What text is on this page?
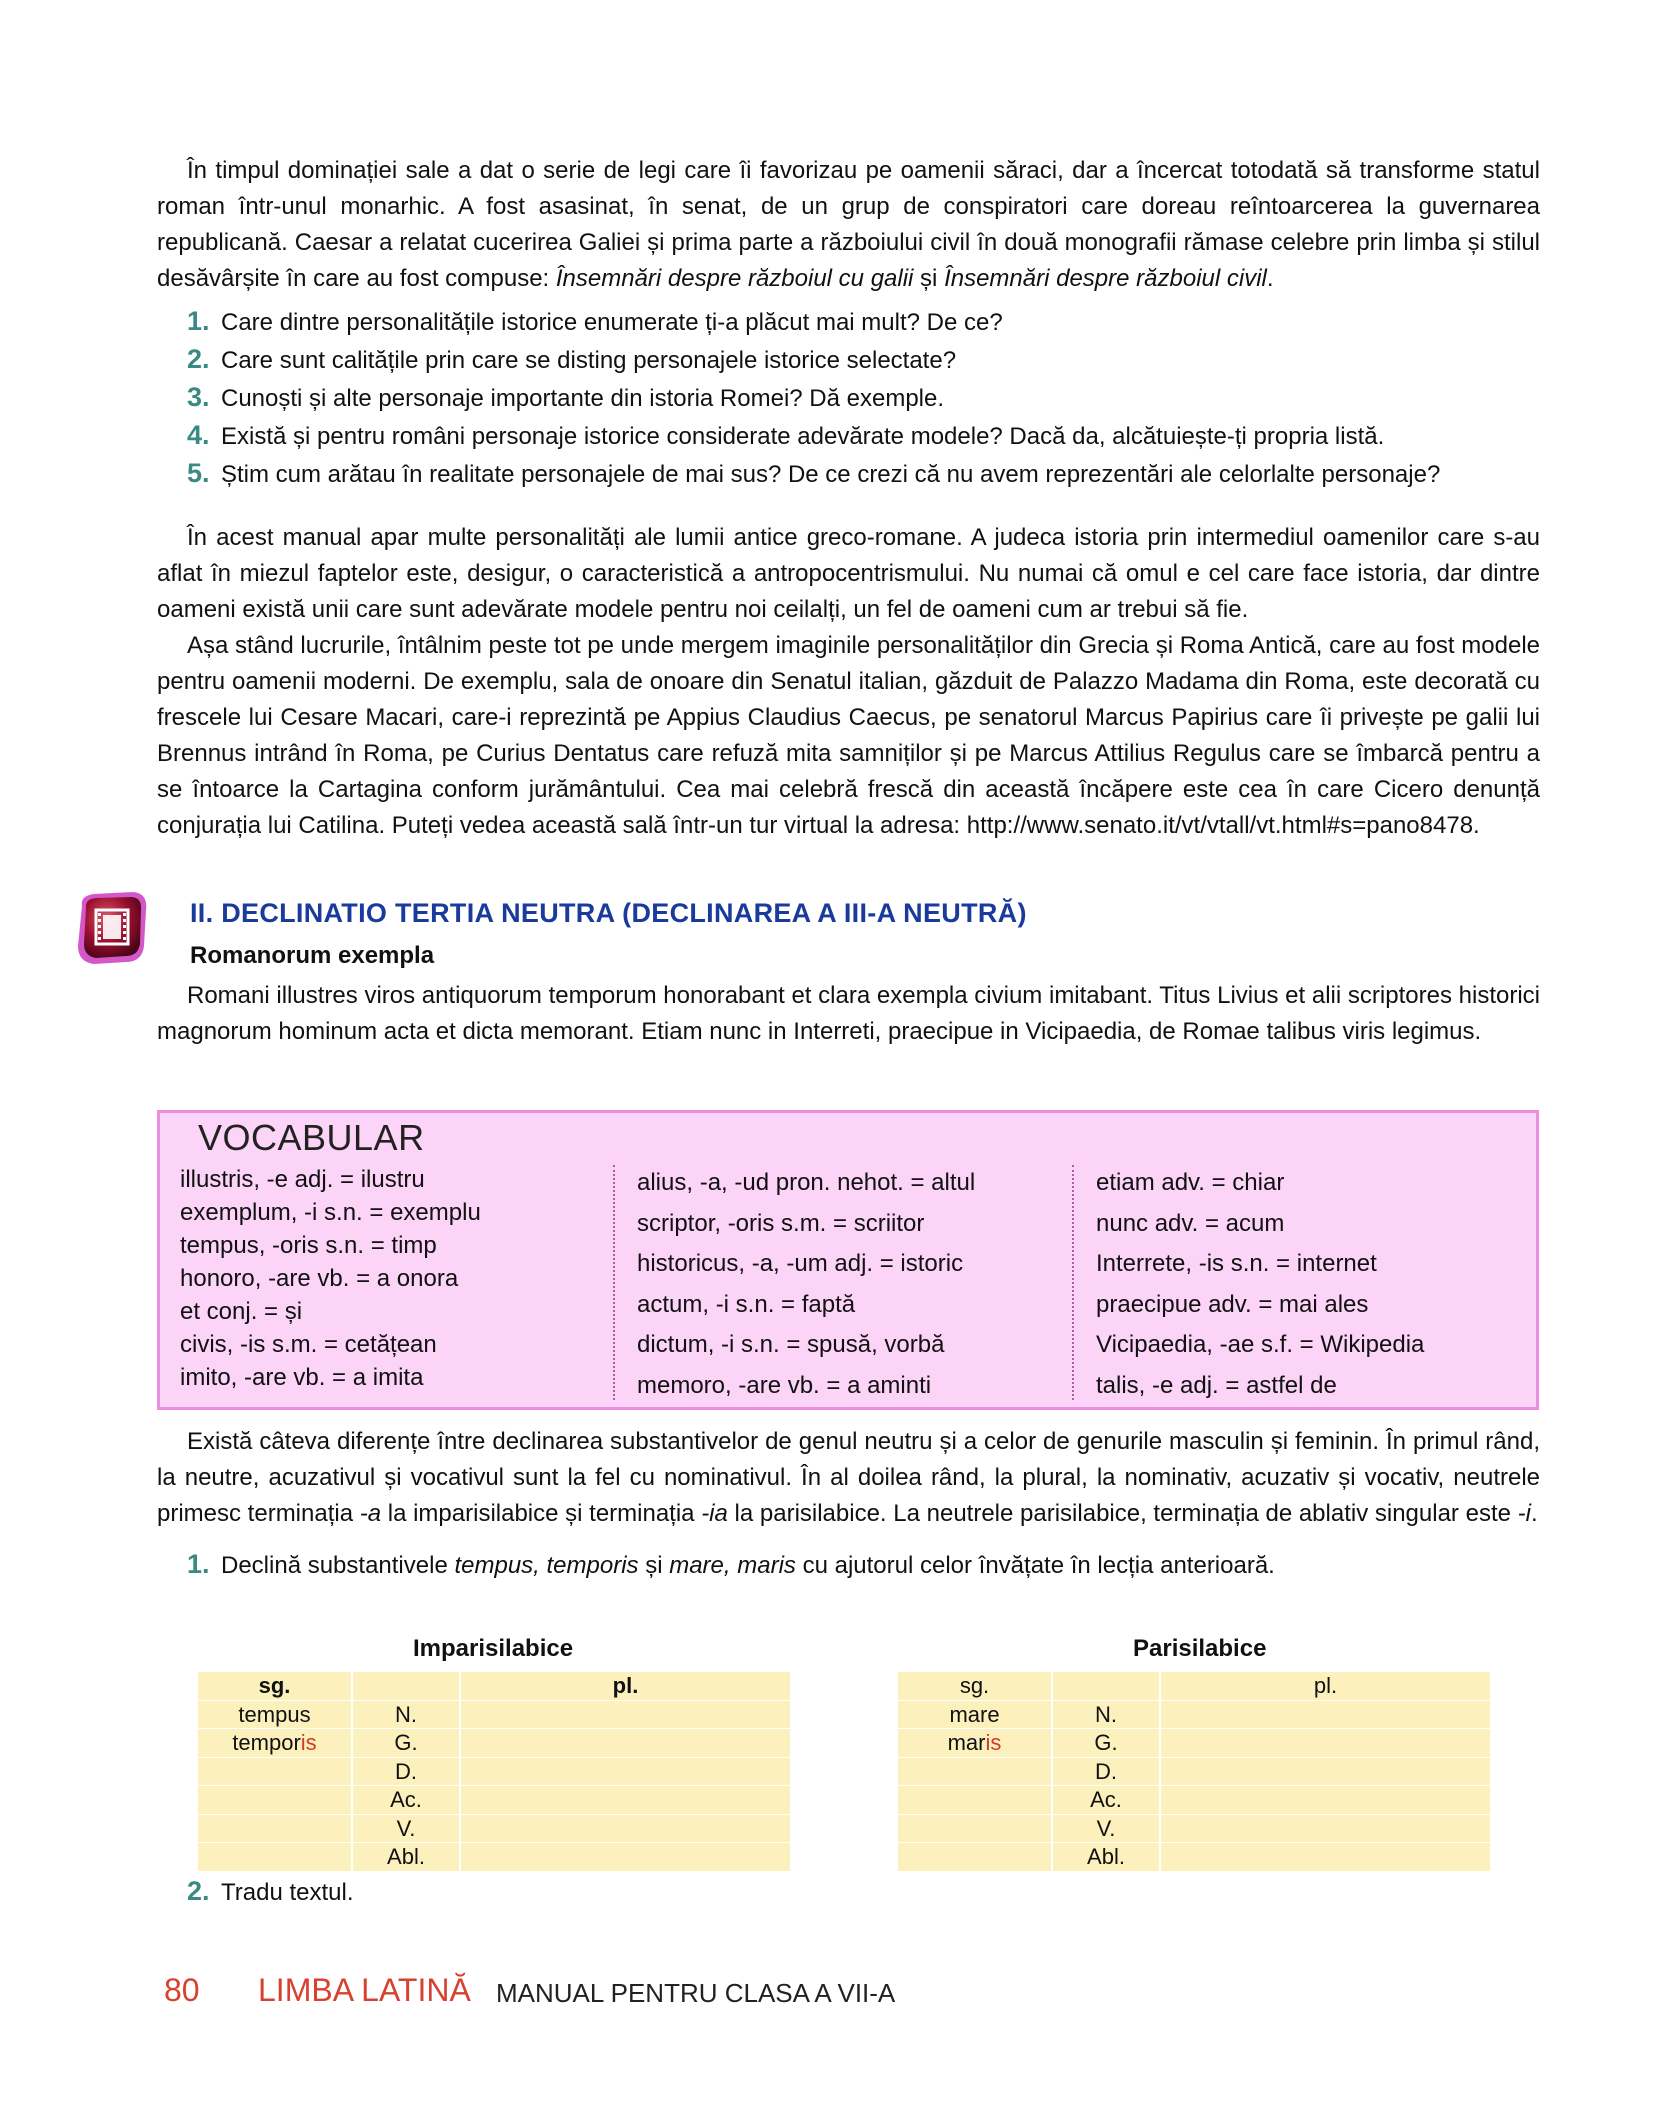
În timpul dominației sale a dat o serie de legi care îi favorizau pe oamenii săraci, dar a încercat totodată să transforme statul roman într-unul monarhic. A fost asasinat, în senat, de un grup de conspiratori care doreau reîntoarcerea la guvernarea republicană. Caesar a relatat cucerirea Galiei și prima parte a războiului civil în două monografii rămase celebre prin limba și stilul desăvârșite în care au fost compuse: Însemnări despre războiul cu galii și Însemnări despre războiul civil.

1. Care dintre personalitățile istorice enumerate ți-a plăcut mai mult? De ce?
2. Care sunt calitățile prin care se disting personajele istorice selectate?
3. Cunoști și alte personaje importante din istoria Romei? Dă exemple.
4. Există și pentru români personaje istorice considerate adevărate modele? Dacă da, alcătuiește-ți propria listă.
5. Știm cum arătau în realitate personajele de mai sus? De ce crezi că nu avem reprezentări ale celorlalte personaje?

În acest manual apar multe personalități ale lumii antice greco-romane. A judeca istoria prin intermediul oamenilor care s-au aflat în miezul faptelor este, desigur, o caracteristică a antropocentrismului. Nu numai că omul e cel care face istoria, dar dintre oameni există unii care sunt adevărate modele pentru noi ceilalți, un fel de oameni cum ar trebui să fie.

Așa stând lucrurile, întâlnim peste tot pe unde mergem imaginile personalităților din Grecia și Roma Antică, care au fost modele pentru oamenii moderni. De exemplu, sala de onoare din Senatul italian, găzduit de Palazzo Madama din Roma, este decorată cu frescele lui Cesare Macari, care-i reprezintă pe Appius Claudius Caecus, pe senatorul Marcus Papirius care îi privește pe galii lui Brennus intrând în Roma, pe Curius Dentatus care refuză mita samniților și pe Marcus Attilius Regulus care se îmbarcă pentru a se întoarce la Cartagina conform jurământului. Cea mai celebră frescă din această încăpere este cea în care Cicero denunță conjurația lui Catilina. Puteți vedea această sală într-un tur virtual la adresa: http://www.senato.it/vt/vtall/vt.html#s=pano8478.

II. DECLINATIO TERTIA NEUTRA (DECLINAREA A III-A NEUTRĂ)
Romanorum exempla

Romani illustres viros antiquorum temporum honorabant et clara exempla civium imitabant. Titus Livius et alii scriptores historici magnorum hominum acta et dicta memorant. Etiam nunc in Interreti, praecipue in Vicipaedia, de Romae talibus viris legimus.

VOCABULAR
illustris, -e adj. = ilustru
exemplum, -i s.n. = exemplu
tempus, -oris s.n. = timp
honoro, -are vb. = a onora
et conj. = și
civis, -is s.m. = cetățean
imito, -are vb. = a imita
alius, -a, -ud pron. nehot. = altul
scriptor, -oris s.m. = scriitor
historicus, -a, -um adj. = istoric
actum, -i s.n. = faptă
dictum, -i s.n. = spusă, vorbă
memoro, -are vb. = a aminti
etiam adv. = chiar
nunc adv. = acum
Interrete, -is s.n. = internet
praecipue adv. = mai ales
Vicipaedia, -ae s.f. = Wikipedia
talis, -e adj. = astfel de

Există câteva diferențe între declinarea substantivelor de genul neutru și a celor de genurile masculin și feminin. În primul rând, la neutre, acuzativul și vocativul sunt la fel cu nominativul. În al doilea rând, la plural, la nominativ, acuzativ și vocativ, neutrele primesc terminația -a la imparisilabice și terminația -ia la parisilabice. La neutrele parisilabice, terminația de ablativ singular este -i.

1. Declină substantivele tempus, temporis și mare, maris cu ajutorul celor învățate în lecția anterioară.
Imparisilabice
sg.		pl.
tempus	N.	
temporis	G.	
	D.	
	Ac.	
	V.	
	Abl.	
Parisilabice
sg.		pl.
mare	N.	
maris	G.	
	D.	
	Ac.	
	V.	
	Abl.	
2. Tradu textul.
80 LIMBA LATINĂ MANUAL PENTRU CLASA A VII-A
